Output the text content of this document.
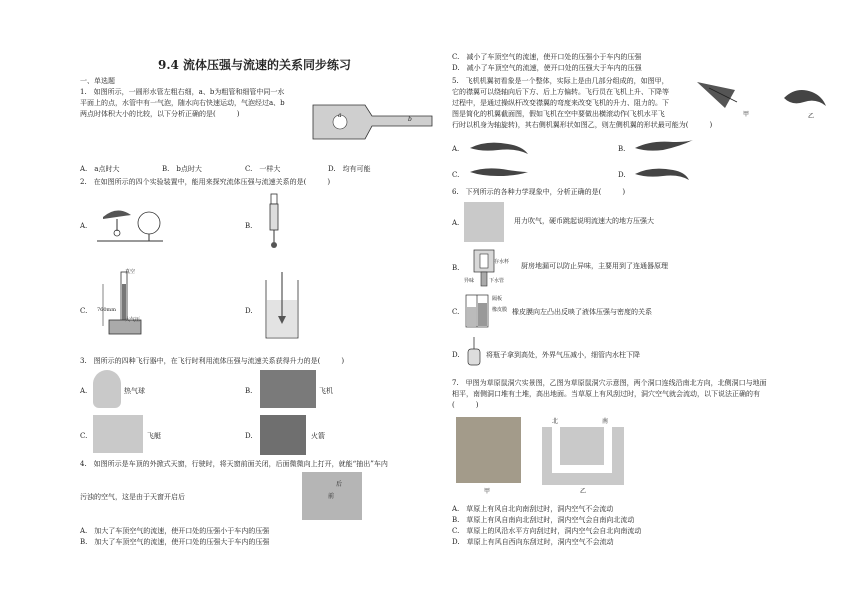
9.4 流体压强与流速的关系同步练习
一、单选题
1.　如图所示，一圆形水管左粗右细，a、b为粗管和细管中同一水
平面上的点，水管中有一气泡，随水向右快速运动，气泡经过a、b
两点时体积大小的比较，以下分析正确的是(　　　)	a
b
A.　a点时大	B.　b点时大	C.　一样大	D.　均有可能
2.　在如图所示的四个实验装置中，能用来探究流体压强与流速关系的是(　　　)
A.	B.
C.
真空
760mm
大气压
D.
3.　图所示的四种飞行器中，在飞行时利用流体压强与流速关系获得升力的是(　　　)
A.	热气球	B.	飞机
C.	飞艇	D.	火箭
4.　如图所示是车顶的外掀式天窗，行驶时，将天窗前面关闭，后面微微向上打开，就能“抽出”车内
污浊的空气，这是由于天窗开启后	前
后
A.　加大了车顶空气的流速，使开口处的压强小于车内的压强
B.　加大了车顶空气的流速，使开口处的压强大于车内的压强
C.　减小了车顶空气的流速，使开口处的压强小于车内的压强
D.　减小了车顶空气的流速，使开口处的压强大于车内的压强
5.　飞机机翼初看象是一个整体，实际上是由几部分组成的，如图甲，
它的襟翼可以绕轴向后下方、后上方偏转。飞行员在飞机上升、下降等
过程中，是通过操纵杆改变襟翼的弯度来改变飞机的升力、阻力的。下
图是简化的机翼截面图，假如飞机在空中要做出横滚动作(飞机水平飞
行时以机身为轴旋转)，其右侧机翼形状如图乙，则左侧机翼的形状最可能为(　　　)
甲	乙
A.	B.
C.	D.
6.　下列所示的各种力学现象中，分析正确的是(　　　)
A.	用力吹气，硬币跳起说明流速大的地方压强大
B.
存水杯
异味	下水管
厨房地漏可以防止异味，主要用到了连通器原理
C.
隔板
橡皮膜 橡皮膜向左凸出反映了液体压强与密度的关系
D.	将瓶子拿到高处，外界气压减小，细管内水柱下降
7.　甲图为草原鼠洞穴实景图，乙图为草原鼠洞穴示意图，两个洞口连线沿南北方向，北侧洞口与地面
相平，南侧洞口堆有土堆，高出地面。当草原上有风刮过时，洞穴空气就会流动，以下说法正确的有
(　　　)
甲
北	南
乙
A.　草原上有风自北向南刮过时，洞内空气不会流动
B.　草原上有风自南向北刮过时，洞内空气会自南向北流动
C.　草原上的风沿水平方向刮过时，洞内空气会自北向南流动
D.　草原上有风自西向东刮过时，洞内空气不会流动
